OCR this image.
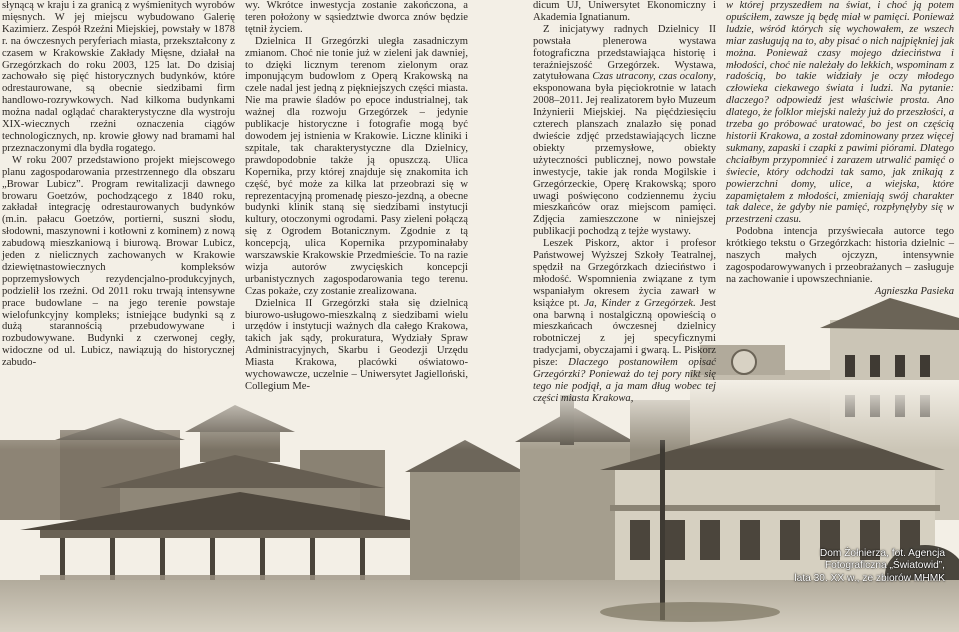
słynącą w kraju i za granicą z wyśmienitych wyrobów mięsnych. W jej miejscu wybudowano Galerię Kazimierz. Zespół Rzeźni Miejskiej, powstały w 1878 r. na ówczesnych peryferiach miasta, przekształcony z czasem w Krakowskie Zakłady Mięsne, działał na Grzegórzkach do roku 2003, 125 lat. Do dzisiaj zachowało się pięć historycznych budynków, które odrestaurowane, są obecnie siedzibami firm handlowo-rozrywkowych. Nad kilkoma budynkami można nadal oglądać charakterystyczne dla wystroju XIX-wiecznych rzeźni oznaczenia ciągów technologicznych, np. krowie głowy nad bramami hal przeznaczonymi dla bydła rogatego.

W roku 2007 przedstawiono projekt miejscowego planu zagospodarowania przestrzennego dla obszaru „Browar Lubicz”. Program rewitalizacji dawnego browaru Goetzów, pochodzącego z 1840 roku, zakładał integrację odrestaurowanych budynków (m.in. pałacu Goetzów, portierni, suszni słodu, słodowni, maszynowni i kotłowni z kominem) z nową zabudową mieszkaniową i biurową. Browar Lubicz, jeden z nielicznych zachowanych w Krakowie dziewiętnastowiecznych kompleksów poprzemysłowych rezydencjalno-produkcyjnych, podzielił los rzeźni. Od 2011 roku trwają intensywne prace budowlane – na jego terenie powstaje wielofunkcyjny kompleks; istniejące budynki są z dużą starannością przebudowywane i rozbudowywane. Budynki z czerwonej cegły, widoczne od ul. Lubicz, nawiązują do historycznej zabudo-

wy. Wkrótce inwestycja zostanie zakończona, a teren położony w sąsiedztwie dworca znów będzie tętnił życiem.

Dzielnica II Grzegórzki uległa zasadniczym zmianom. Choć nie tonie już w zieleni jak dawniej, to dzięki licznym terenom zielonym oraz imponującym budowlom z Operą Krakowską na czele nadal jest jedną z piękniejszych części miasta. Nie ma prawie śladów po epoce industrialnej, tak ważnej dla rozwoju Grzegórzek – jedynie publikacje historyczne i fotografie mogą być dowodem jej istnienia w Krakowie. Liczne kliniki i szpitale, tak charakterystyczne dla Dzielnicy, prawdopodobnie także ją opuszczą. Ulica Kopernika, przy której znajduje się znakomita ich część, być może za kilka lat przeobrazi się w reprezentacyjną promenadę pieszo-jezdną, a obecne budynki klinik staną się siedzibami instytucji kultury, otoczonymi ogrodami. Pasy zieleni połączą się z Ogrodem Botanicznym. Zgodnie z tą koncepcją, ulica Kopernika przypominałaby warszawskie Krakowskie Przedmieście. To na razie wizja autorów zwycięskich koncepcji urbanistycznych zagospodarowania tego terenu. Czas pokaże, czy zostanie zrealizowana.

Dzielnica II Grzegórzki stała się dzielnicą biurowo-usługowo-mieszkalną z siedzibami wielu urzędów i instytucji ważnych dla całego Krakowa, takich jak sądy, prokuratura, Wydziały Spraw Administracyjnych, Skarbu i Geodezji Urzędu Miasta Krakowa, placówki oświatowo-wychowawcze, uczelnie – Uniwersytet Jagielloński, Collegium Me-

dicum UJ, Uniwersytet Ekonomiczny i Akademia Ignatianum.

Z inicjatywy radnych Dzielnicy II powstała plenerowa wystawa fotograficzna przedstawiająca historię i teraźniejszość Grzegórzek. Wystawa, zatytułowana Czas utracony, czas ocalony, eksponowana była pięciokrotnie w latach 2008–2011. Jej realizatorem było Muzeum Inżynierii Miejskiej. Na pięćdziesięciu czterech planszach znalazło się ponad dwieście zdjęć przedstawiających liczne obiekty przemysłowe, obiekty użyteczności publicznej, nowo powstałe inwestycje, takie jak ronda Mogilskie i Grzegórzeckie, Operę Krakowską; sporo uwagi poświęcono codziennemu życiu mieszkańców oraz miejscom pamięci. Zdjęcia zamieszczone w niniejszej publikacji pochodzą z tejże wystawy.

Leszek Piskorz, aktor i profesor Państwowej Wyższej Szkoły Teatralnej, spędził na Grzegórzkach dzieciństwo i młodość. Wspomnienia związane z tym wspaniałym okresem życia zawarł w książce pt. Ja, Kinder z Grzegórzek. Jest ona barwną i nostalgiczną opowieścią o mieszkańcach ówczesnej dzielnicy robotniczej z jej specyficznymi tradycjami, obyczajami i gwarą. L. Piskorz pisze: Dlaczego postanowiłem opisać Grzegórzki? Ponieważ do tej pory nikt się tego nie podjął, a ja mam dług wobec tej części miasta Krakowa,

w której przyszedłem na świat, i choć ją potem opuściłem, zawsze ją będę miał w pamięci. Ponieważ ludzie, wśród których się wychowałem, ze wszech miar zasługują na to, aby pisać o nich najpiękniej jak można. Ponieważ czasy mojego dzieciństwa i młodości, choć nie należały do lekkich, wspominam z radością, bo takie widziały je oczy młodego człowieka ciekawego świata i ludzi. Na pytanie: dlaczego? odpowiedź jest właściwie prosta. Ano dlatego, że folklor miejski należy już do przeszłości, a trzeba go próbować uratować, bo jest on częścią historii Krakowa, a został zdominowany przez więcej sukmany, zapaski i czapki z pawimi piórami. Dlatego chciałbym przypomnieć i zarazem utrwalić pamięć o świecie, który odchodzi tak samo, jak znikają z powierzchni domy, ulice, a wiejska, które zapamiętałem z młodości, zmieniają swój charakter tak dalece, że gdyby nie pamięć, rozpłynęłyby się w przestrzeni czasu.

Podobna intencja przyświecała autorce tego krótkiego tekstu o Grzegórzkach: historia dzielnic – naszych małych ojczyzn, intensywnie zagospodarowywanych i przeobrażanych – zasługuje na zachowanie i upowszechnianie.

Agnieszka Pasieka

Dom Żołnierza, fot. Agencja
Fotograficzna „Światowid”,
lata 30. XX w., ze zbiorów MHMK
